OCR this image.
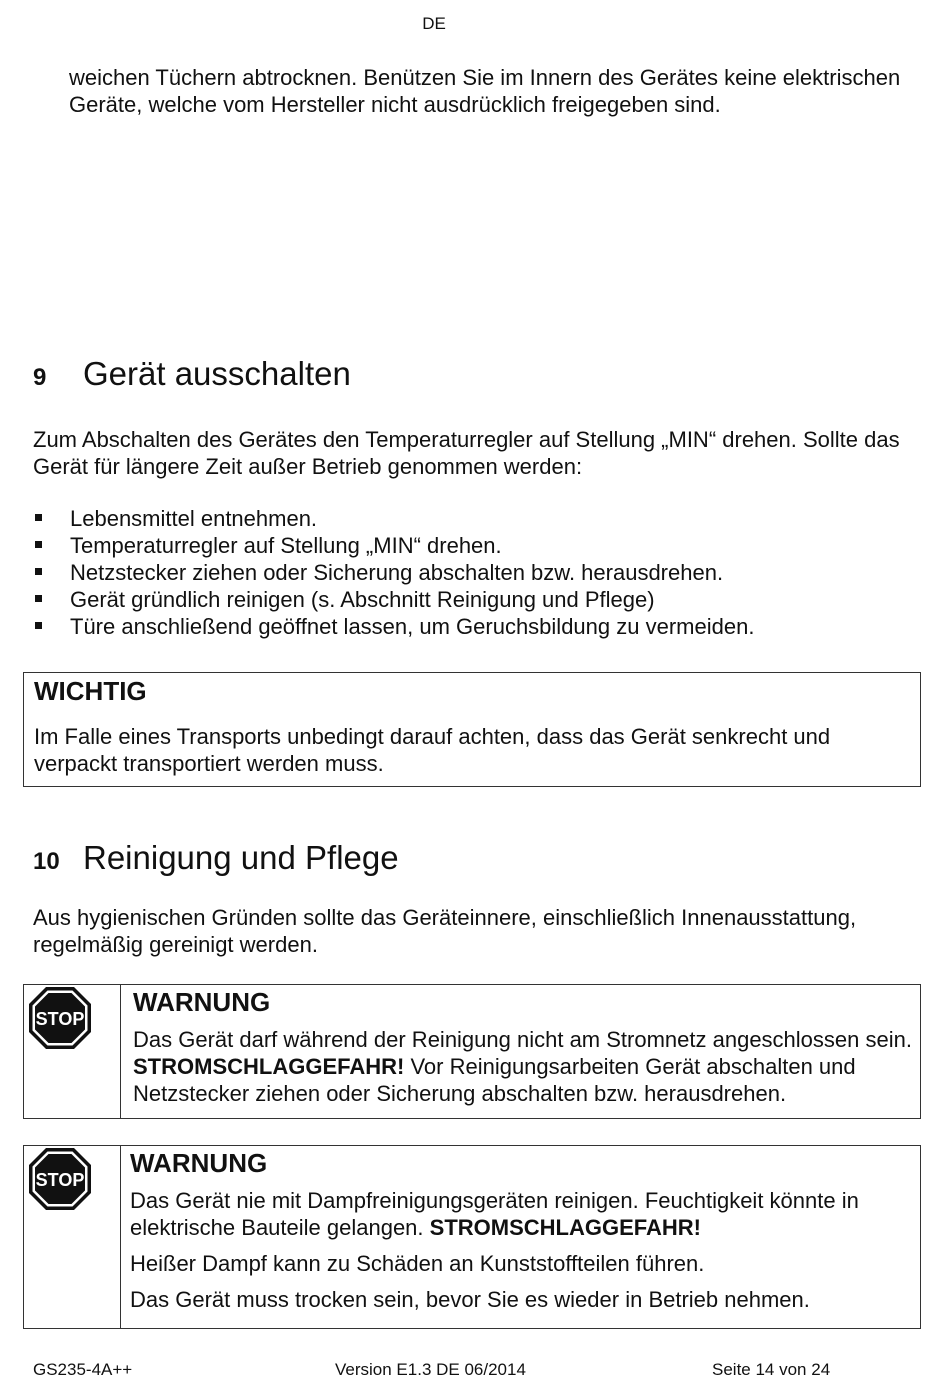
DE
weichen Tüchern abtrocknen. Benützen Sie im Innern des Gerätes keine elektrischen Geräte, welche vom Hersteller nicht ausdrücklich freigegeben sind.
9	Gerät ausschalten
Zum Abschalten des Gerätes den Temperaturregler auf Stellung „MIN“ drehen. Sollte das Gerät für längere Zeit außer Betrieb genommen werden:
Lebensmittel entnehmen.
Temperaturregler auf Stellung „MIN“ drehen.
Netzstecker ziehen oder Sicherung abschalten bzw. herausdrehen.
Gerät gründlich reinigen (s. Abschnitt Reinigung und Pflege)
Türe anschließend geöffnet lassen, um Geruchsbildung zu vermeiden.
WICHTIG
Im Falle eines Transports unbedingt darauf achten, dass das Gerät senkrecht und verpackt transportiert werden muss.
10 Reinigung und Pflege
Aus hygienischen Gründen sollte das Geräteinnere, einschließlich Innenausstattung, regelmäßig gereinigt werden.
STOP
WARNUNG

Das Gerät darf während der Reinigung nicht am Stromnetz angeschlossen sein. STROMSCHLAGGEFAHR! Vor Reinigungsarbeiten Gerät abschalten und Netzstecker ziehen oder Sicherung abschalten bzw. herausdrehen.

STOP
WARNUNG

Das Gerät nie mit Dampfreinigungsgeräten reinigen. Feuchtigkeit könnte in elektrische Bauteile gelangen. STROMSCHLAGGEFAHR!

Heißer Dampf kann zu Schäden an Kunststoffteilen führen.

Das Gerät muss trocken sein, bevor Sie es wieder in Betrieb nehmen.

GS235-4A++	Version E1.3 DE 06/2014	Seite 14 von 24
